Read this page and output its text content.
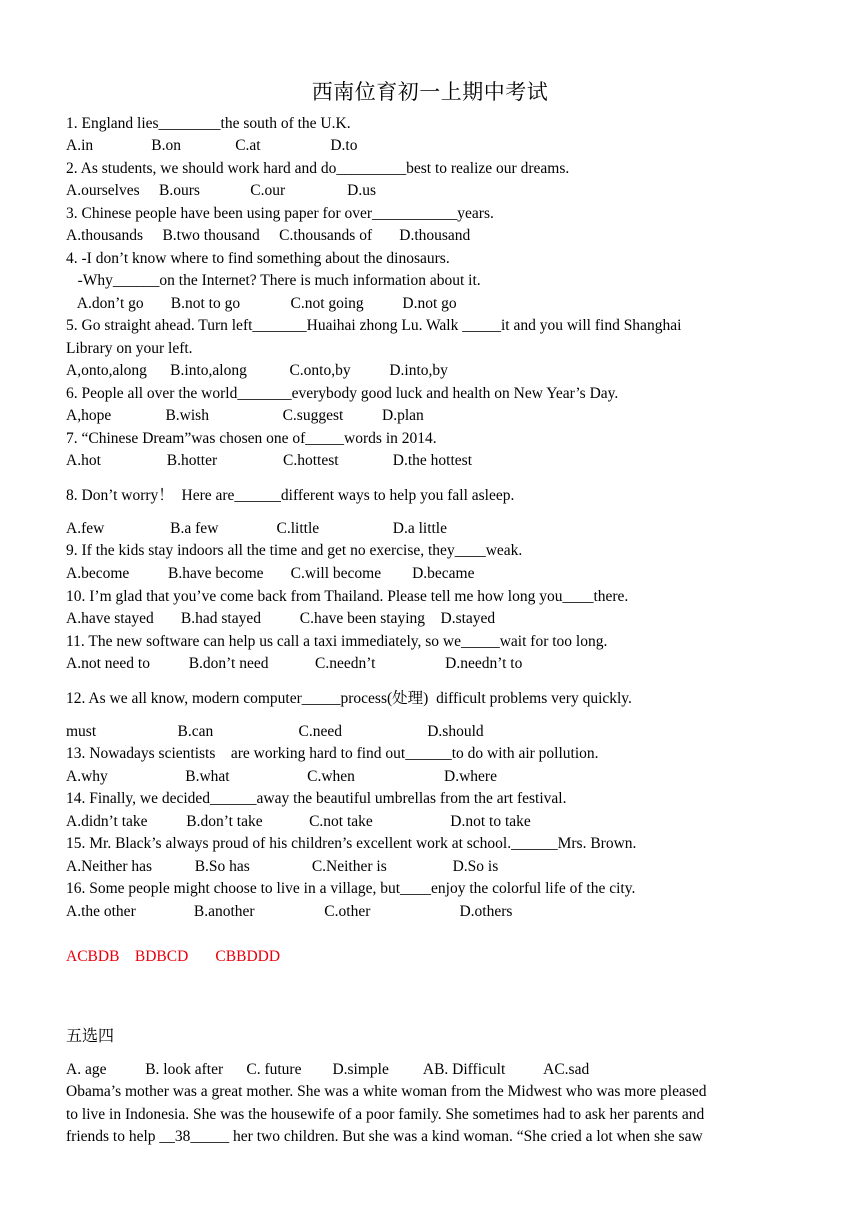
西南位育初一上期中考试
1. England lies________the south of the U.K.
A.in               B.on              C.at                  D.to
2. As students, we should work hard and do_________best to realize our dreams.
A.ourselves     B.ours             C.our                D.us
3. Chinese people have been using paper for over___________years.
A.thousands     B.two thousand     C.thousands of       D.thousand
4. -I don’t know where to find something about the dinosaurs.
-Why______on the Internet? There is much information about it.
A.don’t go       B.not to go             C.not going          D.not go
5. Go straight ahead. Turn left_______Huaihai zhong Lu. Walk _____it and you will find Shanghai
Library on your left.
A,onto,along      B.into,along           C.onto,by          D.into,by
6. People all over the world_______everybody good luck and health on New Year’s Day.
A,hope              B.wish                   C.suggest          D.plan
7. “Chinese Dream”was chosen one of_____words in 2014.
A.hot                 B.hotter                 C.hottest              D.the hottest
8. Don’t worry！  Here are______different ways to help you fall asleep.
A.few                 B.a few               C.little                   D.a little
9. If the kids stay indoors all the time and get no exercise, they____weak.
A.become          B.have become       C.will become        D.became
10. I’m glad that you’ve come back from Thailand. Please tell me how long you____there.
A.have stayed       B.had stayed          C.have been staying    D.stayed
11. The new software can help us call a taxi immediately, so we_____wait for too long.
A.not need to          B.don’t need            C.needn’t                  D.needn’t to
12. As we all know, modern computer_____process(处理)  difficult problems very quickly.
must                     B.can                      C.need                      D.should
13. Nowadays scientists    are working hard to find out______to do with air pollution.
A.why                    B.what                    C.when                       D.where
14. Finally, we decided______away the beautiful umbrellas from the art festival.
A.didn’t take          B.don’t take            C.not take                    D.not to take
15. Mr. Black’s always proud of his children’s excellent work at school.______Mrs. Brown.
A.Neither has           B.So has                C.Neither is                 D.So is
16. Some people might choose to live in a village, but____enjoy the colorful life of the city.
A.the other               B.another                  C.other                       D.others
ACBDB    BDBCD       CBBDDD
五选四
A. age          B. look after      C. future        D.simple         AB. Difficult          AC.sad
Obama’s mother was a great mother. She was a white woman from the Midwest who was more pleased
to live in Indonesia. She was the housewife of a poor family. She sometimes had to ask her parents and
friends to help __38_____ her two children. But she was a kind woman. “She cried a lot when she saw
